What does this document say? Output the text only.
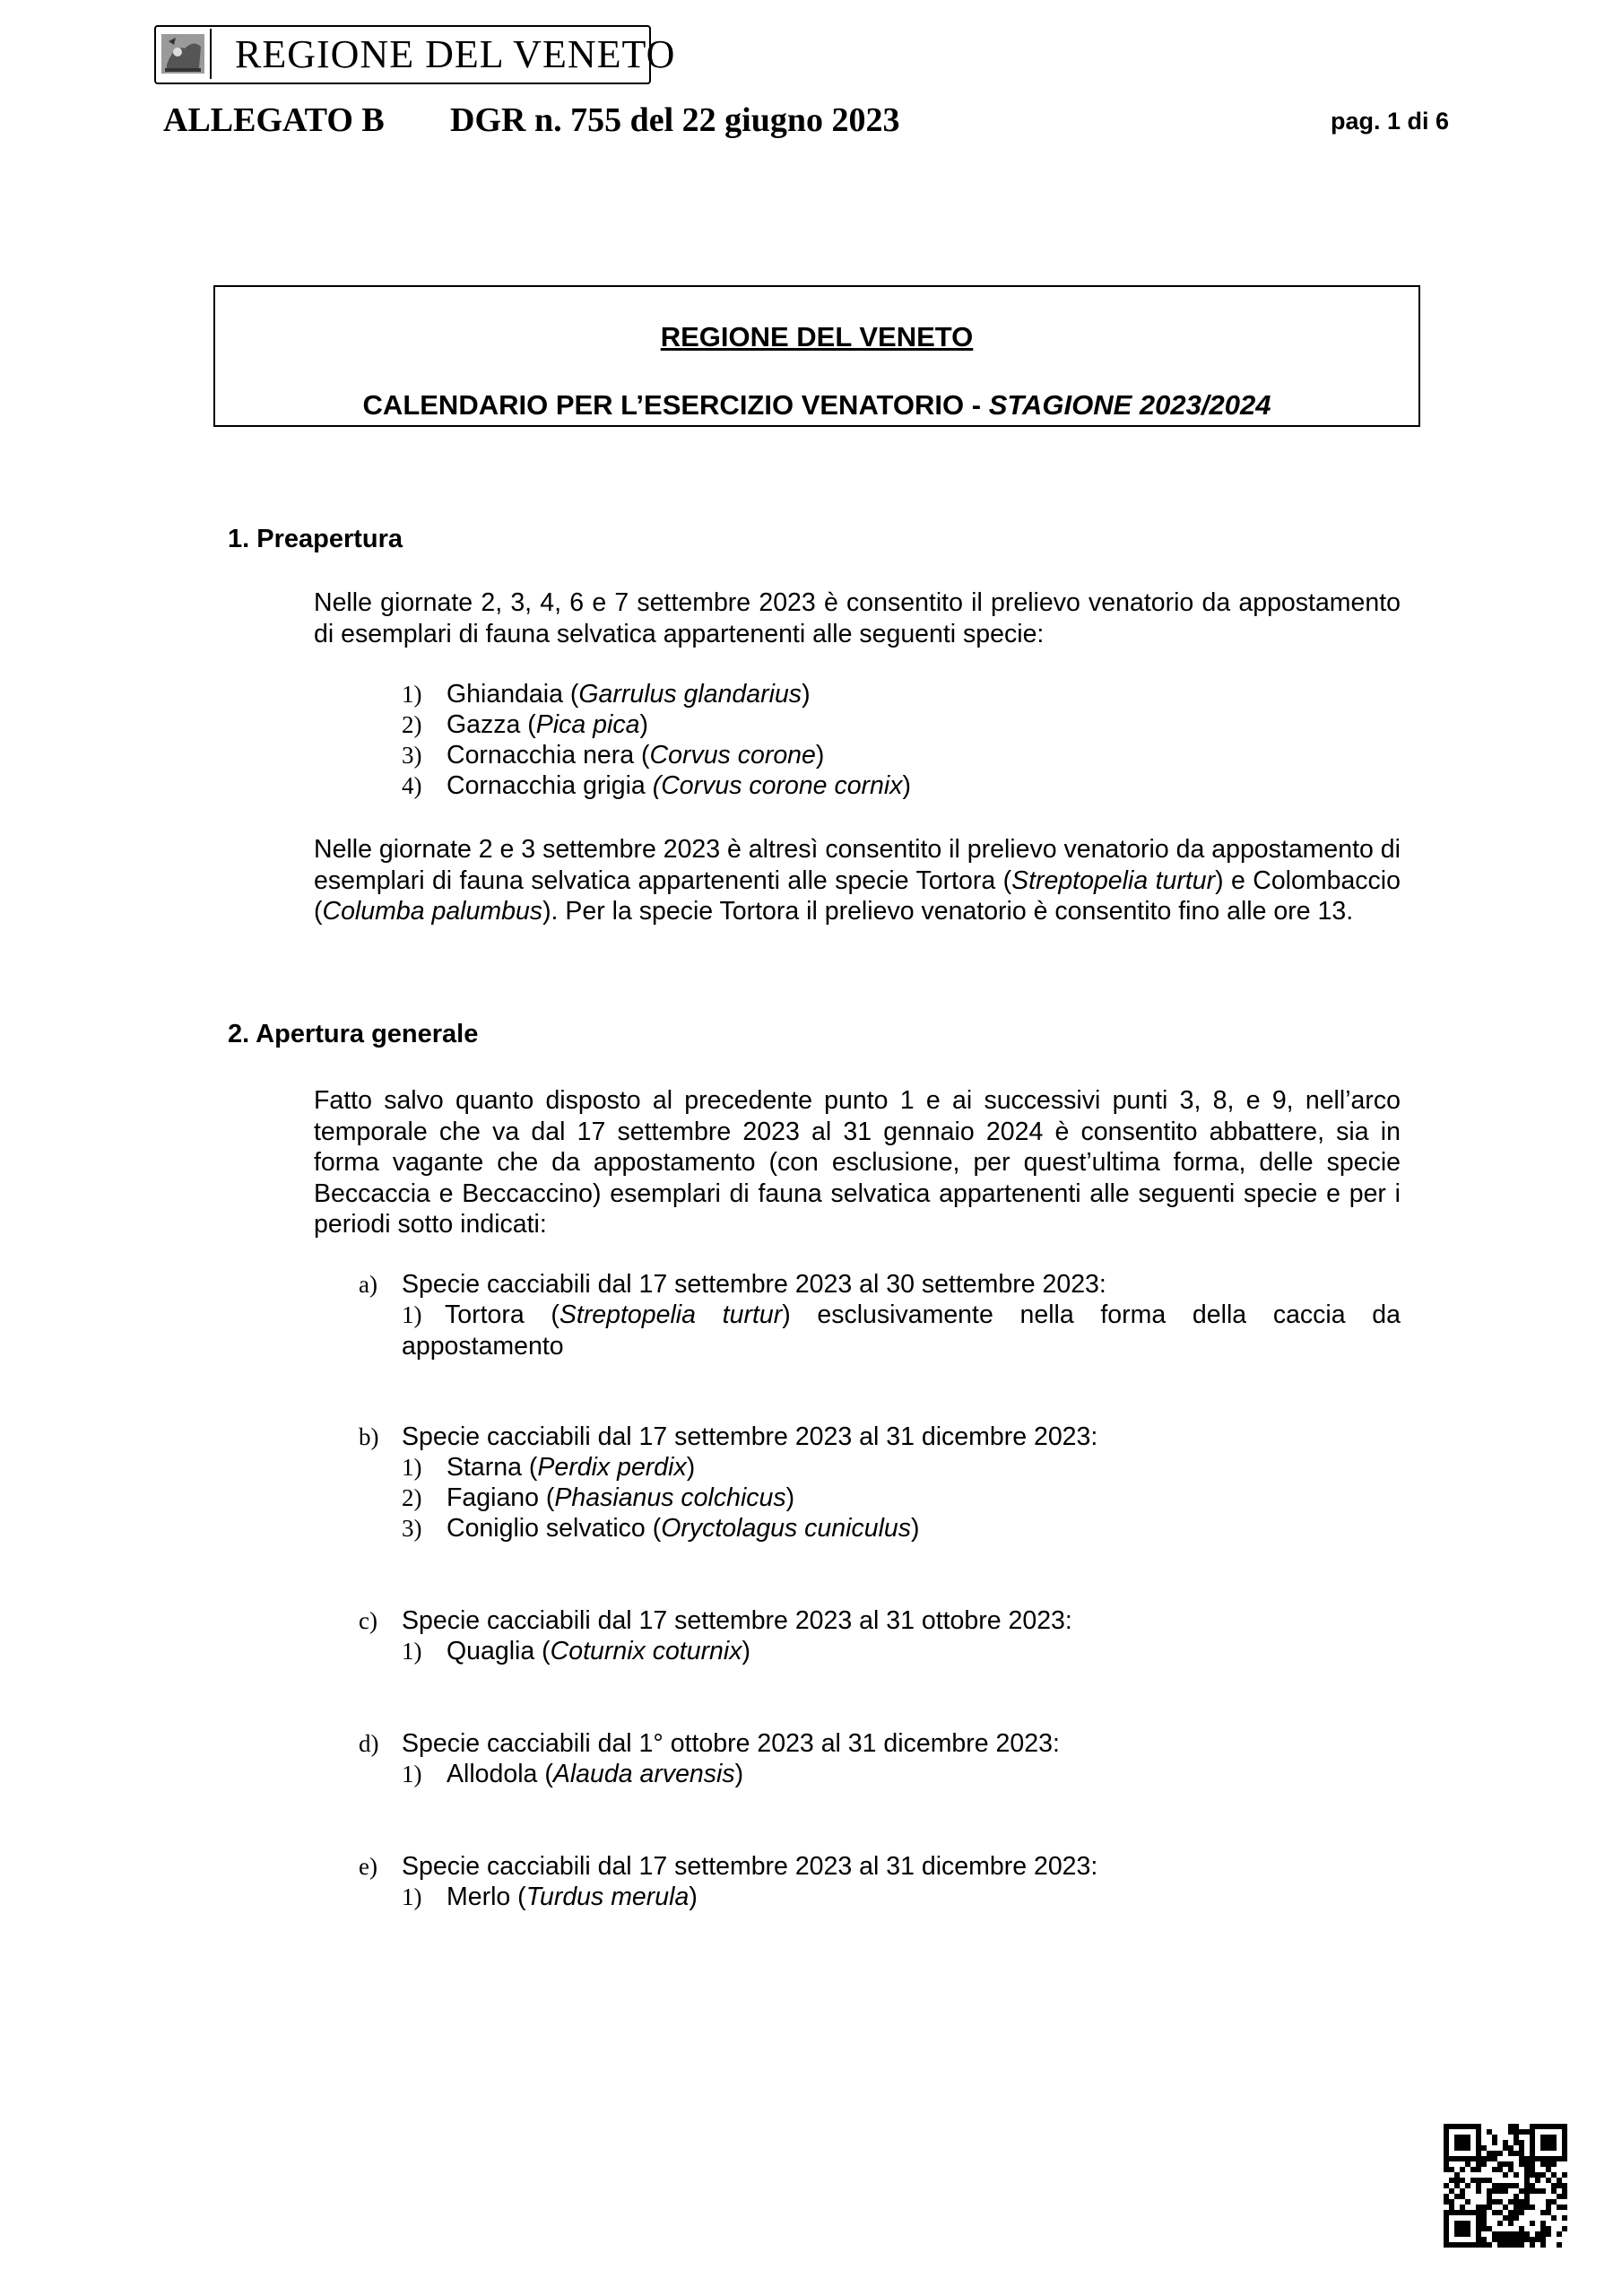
REGIONE DEL VENETO
ALLEGATO B DGR n. 755 del 22 giugno 2023	pag. 1 di 6
REGIONE DEL VENETO
CALENDARIO PER L’ESERCIZIO VENATORIO - STAGIONE 2023/2024
1. Preapertura
Nelle giornate 2, 3, 4, 6 e 7 settembre 2023 è consentito il prelievo venatorio da appostamento di esemplari di fauna selvatica appartenenti alle seguenti specie:
1) Ghiandaia (Garrulus glandarius)
2) Gazza (Pica pica)
3) Cornacchia nera (Corvus corone)
4) Cornacchia grigia (Corvus corone cornix)
Nelle giornate 2 e 3 settembre 2023 è altresì consentito il prelievo venatorio da appostamento di esemplari di fauna selvatica appartenenti alle specie Tortora (Streptopelia turtur) e Colombaccio (Columba palumbus). Per la specie Tortora il prelievo venatorio è consentito fino alle ore 13.
2. Apertura generale
Fatto salvo quanto disposto al precedente punto 1 e ai successivi punti 3, 8, e 9, nell’arco temporale che va dal 17 settembre 2023 al 31 gennaio 2024 è consentito abbattere, sia in forma vagante che da appostamento (con esclusione, per quest’ultima forma, delle specie Beccaccia e Beccaccino) esemplari di fauna selvatica appartenenti alle seguenti specie e per i periodi sotto indicati:
a) Specie cacciabili dal 17 settembre 2023 al 30 settembre 2023:
1) Tortora (Streptopelia turtur) esclusivamente nella forma della caccia da appostamento
b) Specie cacciabili dal 17 settembre 2023 al 31 dicembre 2023:
1) Starna (Perdix perdix)
2) Fagiano (Phasianus colchicus)
3) Coniglio selvatico (Oryctolagus cuniculus)
c) Specie cacciabili dal 17 settembre 2023 al 31 ottobre 2023:
1) Quaglia (Coturnix coturnix)
d) Specie cacciabili dal 1° ottobre 2023 al 31 dicembre 2023:
1) Allodola (Alauda arvensis)
e) Specie cacciabili dal 17 settembre 2023 al 31 dicembre 2023:
1) Merlo (Turdus merula)
